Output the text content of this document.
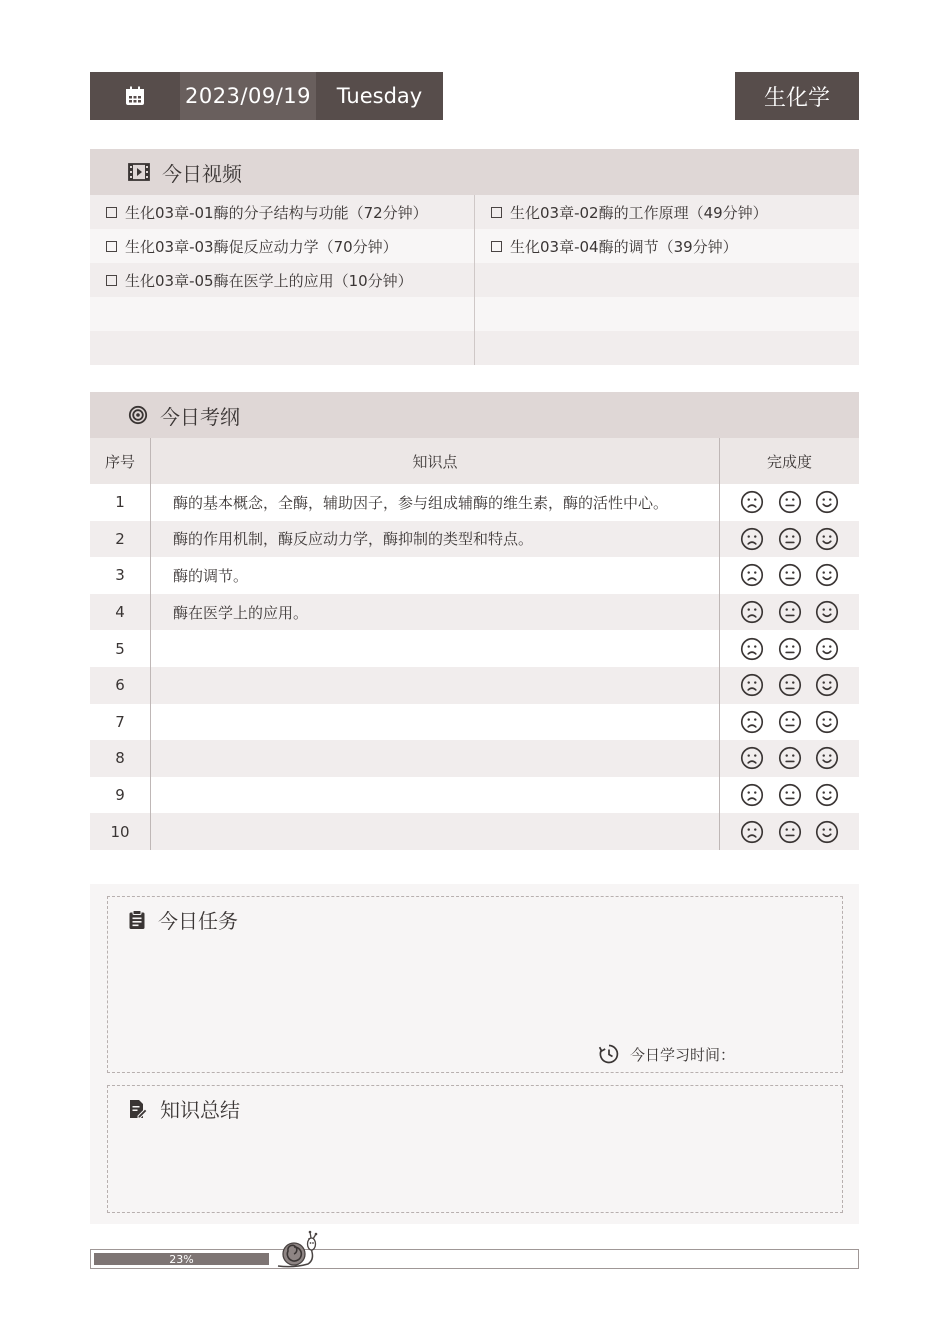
2023/09/19	Tuesday	生化学
今日视频
生化03章-01酶的分子结构与功能（72分钟）	生化03章-02酶的工作原理（49分钟）
生化03章-03酶促反应动力学（70分钟）	生化03章-04酶的调节（39分钟）
生化03章-05酶在医学上的应用（10分钟）
今日考纲
序号	知识点	完成度
1	酶的基本概念，全酶，辅助因子，参与组成辅酶的维生素，酶的活性中心。
2	酶的作用机制，酶反应动力学，酶抑制的类型和特点。
3	酶的调节。
4	酶在医学上的应用。
5
6
7
8
9
10
今日任务
今日学习时间：
知识总结
23%
